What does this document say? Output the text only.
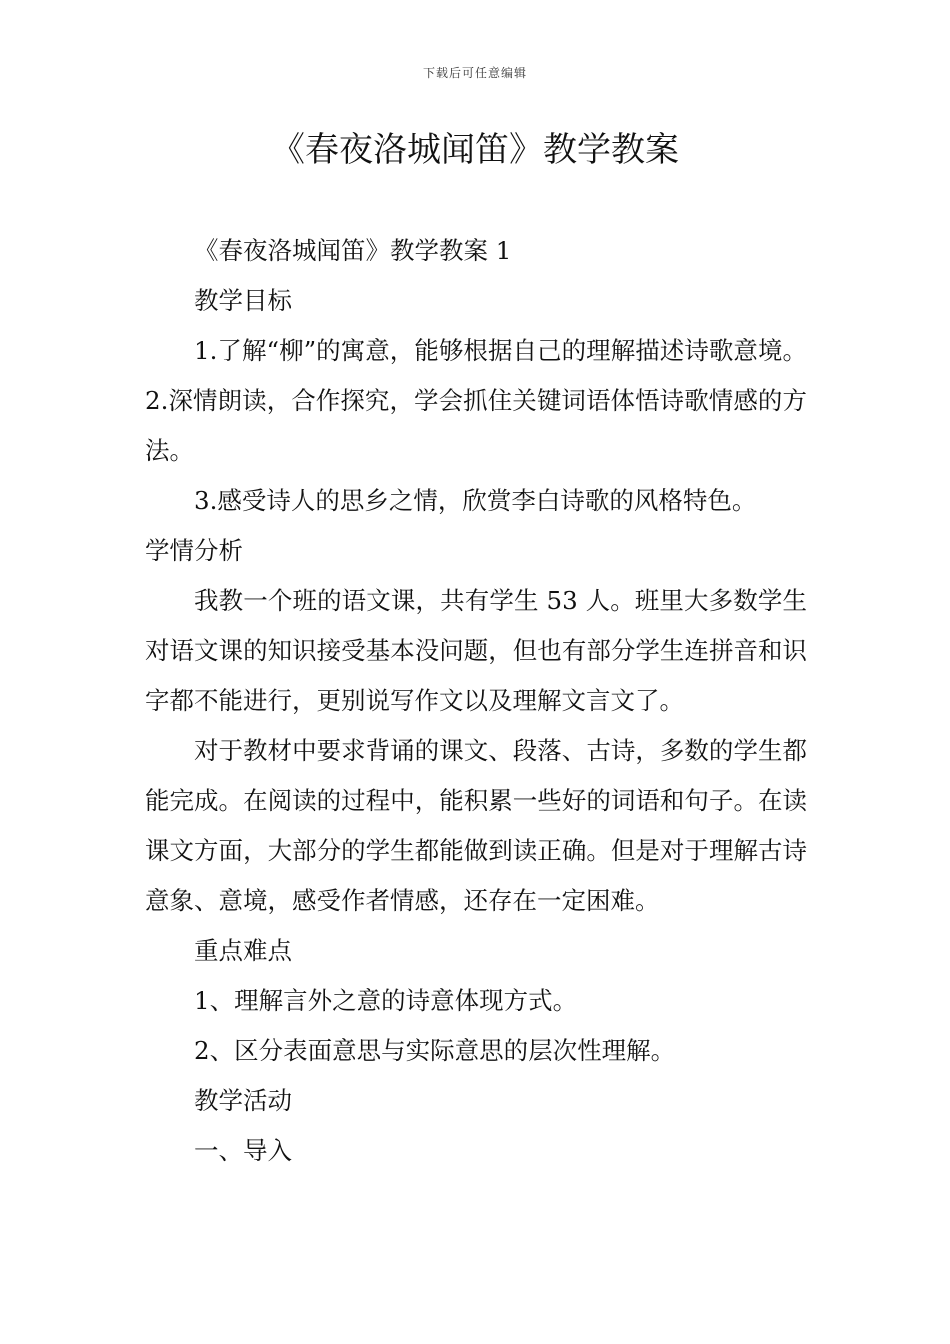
下载后可任意编辑
《春夜洛城闻笛》教学教案

《春夜洛城闻笛》教学教案 1

教学目标

1.了解“柳”的寓意，能够根据自己的理解描述诗歌意境。2.深情朗读，合作探究，学会抓住关键词语体悟诗歌情感的方法。

3.感受诗人的思乡之情，欣赏李白诗歌的风格特色。

学情分析

我教一个班的语文课，共有学生 53 人。班里大多数学生对语文课的知识接受基本没问题，但也有部分学生连拼音和识字都不能进行，更别说写作文以及理解文言文了。

对于教材中要求背诵的课文、段落、古诗，多数的学生都能完成。在阅读的过程中，能积累一些好的词语和句子。在读课文方面，大部分的学生都能做到读正确。但是对于理解古诗意象、意境，感受作者情感，还存在一定困难。

重点难点

1、理解言外之意的诗意体现方式。

2、区分表面意思与实际意思的层次性理解。

教学活动

一、导入
